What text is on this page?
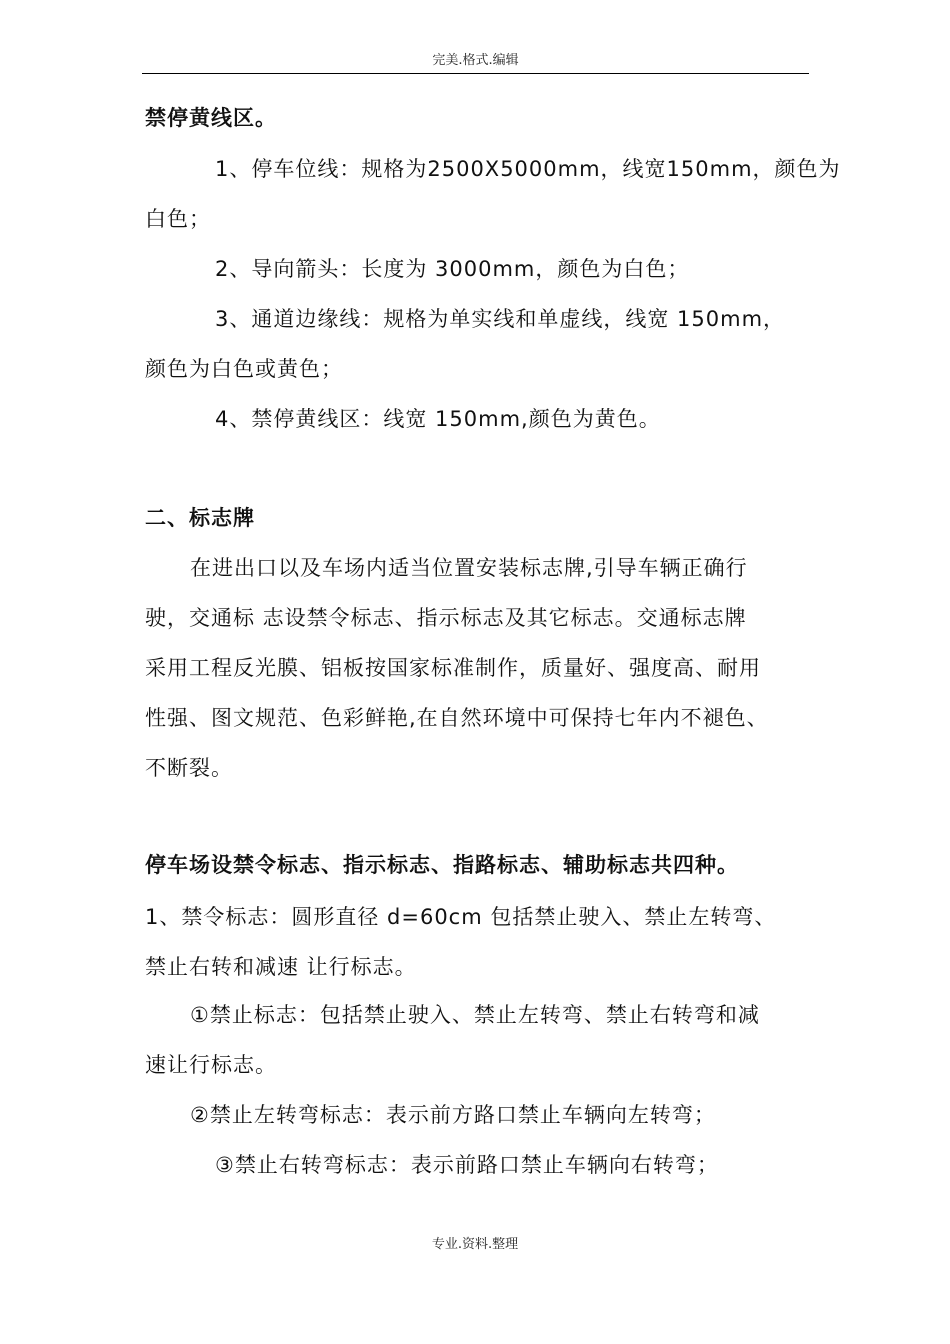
完美.格式.编辑
禁停黄线区。
1、停车位线：规格为2500X5000mm，线宽150mm，颜色为
白色；
2、导向箭头：长度为 3000mm，颜色为白色；
3、通道边缘线：规格为单实线和单虚线，线宽 150mm，
颜色为白色或黄色；
4、禁停黄线区：线宽 150mm,颜色为黄色。
二、标志牌
在进出口以及车场内适当位置安装标志牌,引导车辆正确行
驶，交通标 志设禁令标志、指示标志及其它标志。交通标志牌
采用工程反光膜、铝板按国家标准制作，质量好、强度高、耐用
性强、图文规范、色彩鲜艳,在自然环境中可保持七年内不褪色、
不断裂。
停车场设禁令标志、指示标志、指路标志、辅助标志共四种。
1、禁令标志：圆形直径 d=60cm 包括禁止驶入、禁止左转弯、
禁止右转和减速 让行标志。
①禁止标志：包括禁止驶入、禁止左转弯、禁止右转弯和减
速让行标志。
②禁止左转弯标志：表示前方路口禁止车辆向左转弯；
③禁止右转弯标志：表示前路口禁止车辆向右转弯；
专业.资料.整理
